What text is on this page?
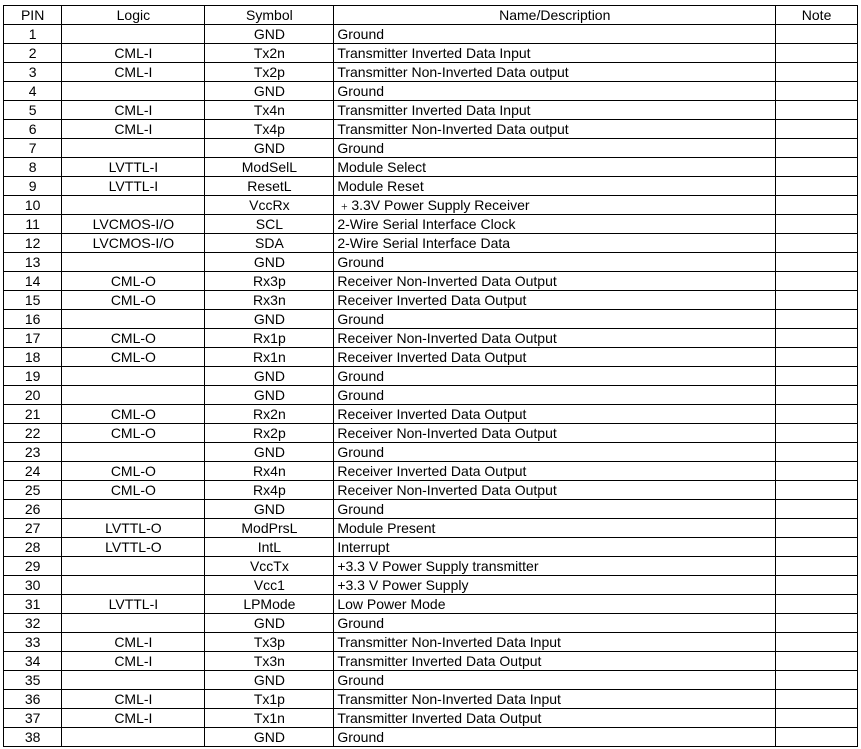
PIN	Logic	Symbol	Name/Description	Note
1		GND	Ground	
2	CML-I	Tx2n	Transmitter Inverted Data Input	
3	CML-I	Tx2p	Transmitter Non-Inverted Data output	
4		GND	Ground	
5	CML-I	Tx4n	Transmitter Inverted Data Input	
6	CML-I	Tx4p	Transmitter Non-Inverted Data output	
7		GND	Ground	
8	LVTTL-I	ModSelL	Module Select	
9	LVTTL-I	ResetL	Module Reset	
10		VccRx	﹢3.3V Power Supply Receiver	
11	LVCMOS-I/O	SCL	2-Wire Serial Interface Clock	
12	LVCMOS-I/O	SDA	2-Wire Serial Interface Data	
13		GND	Ground	
14	CML-O	Rx3p	Receiver Non-Inverted Data Output	
15	CML-O	Rx3n	Receiver Inverted Data Output	
16		GND	Ground	
17	CML-O	Rx1p	Receiver Non-Inverted Data Output	
18	CML-O	Rx1n	Receiver Inverted Data Output	
19		GND	Ground	
20		GND	Ground	
21	CML-O	Rx2n	Receiver Inverted Data Output	
22	CML-O	Rx2p	Receiver Non-Inverted Data Output	
23		GND	Ground	
24	CML-O	Rx4n	Receiver Inverted Data Output	
25	CML-O	Rx4p	Receiver Non-Inverted Data Output	
26		GND	Ground	
27	LVTTL-O	ModPrsL	Module Present	
28	LVTTL-O	IntL	Interrupt	
29		VccTx	+3.3 V Power Supply transmitter	
30		Vcc1	+3.3 V Power Supply	
31	LVTTL-I	LPMode	Low Power Mode	
32		GND	Ground	
33	CML-I	Tx3p	Transmitter Non-Inverted Data Input	
34	CML-I	Tx3n	Transmitter Inverted Data Output	
35		GND	Ground	
36	CML-I	Tx1p	Transmitter Non-Inverted Data Input	
37	CML-I	Tx1n	Transmitter Inverted Data Output	
38		GND	Ground	
